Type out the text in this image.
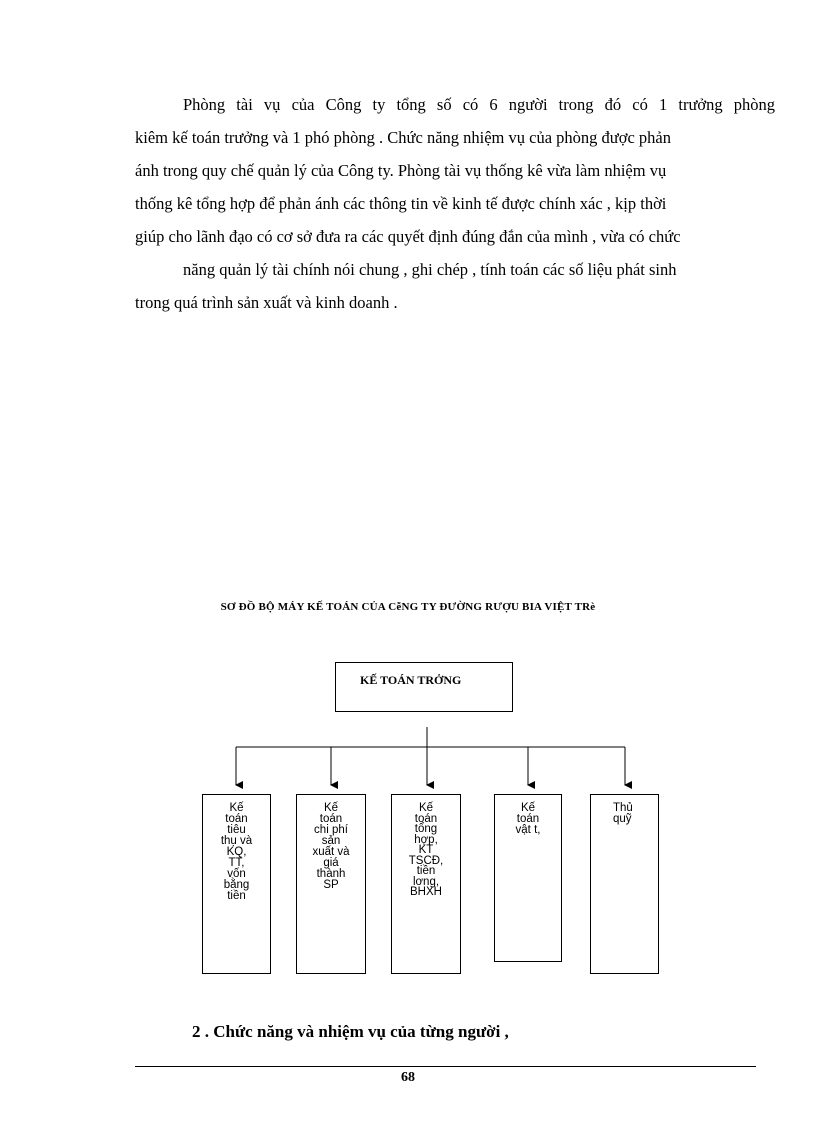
Phòng tài vụ của Công ty tổng số có 6 người trong đó có 1 trưởng phòng
kiêm kế toán trưởng và 1 phó phòng . Chức năng nhiệm vụ của phòng được phản
ánh trong quy chế quản lý của Công ty. Phòng tài vụ thống kê vừa làm nhiệm vụ
thống kê tổng hợp để phản ánh các thông tin về kinh tế được chính xác , kịp thời
giúp cho lãnh đạo có cơ sở đưa ra các quyết định đúng đắn của mình , vừa có chức
năng quản lý tài chính nói chung , ghi chép , tính toán các số liệu phát sinh
trong quá trình sản xuất và kinh doanh .
SƠ ĐỒ BỘ MÁY KẾ TOÁN CỦA CễNG TY ĐƯỜNG RƯỢU BIA VIỆT TRè
KẾ TOÁN TRỞNG
Kế
toán
tiêu
thụ và
KQ,
TT,
vốn
bằng
tiền
Kế
toán
chi phí
sản
xuất và
giá
thành
SP
Kế
toán
tổng
hợp,
KT
TSCĐ,
tiền
lơng,
BHXH
Kế
toán
vật t,
Thủ
quỹ
2 . Chức năng và nhiệm vụ của từng người ,
68
